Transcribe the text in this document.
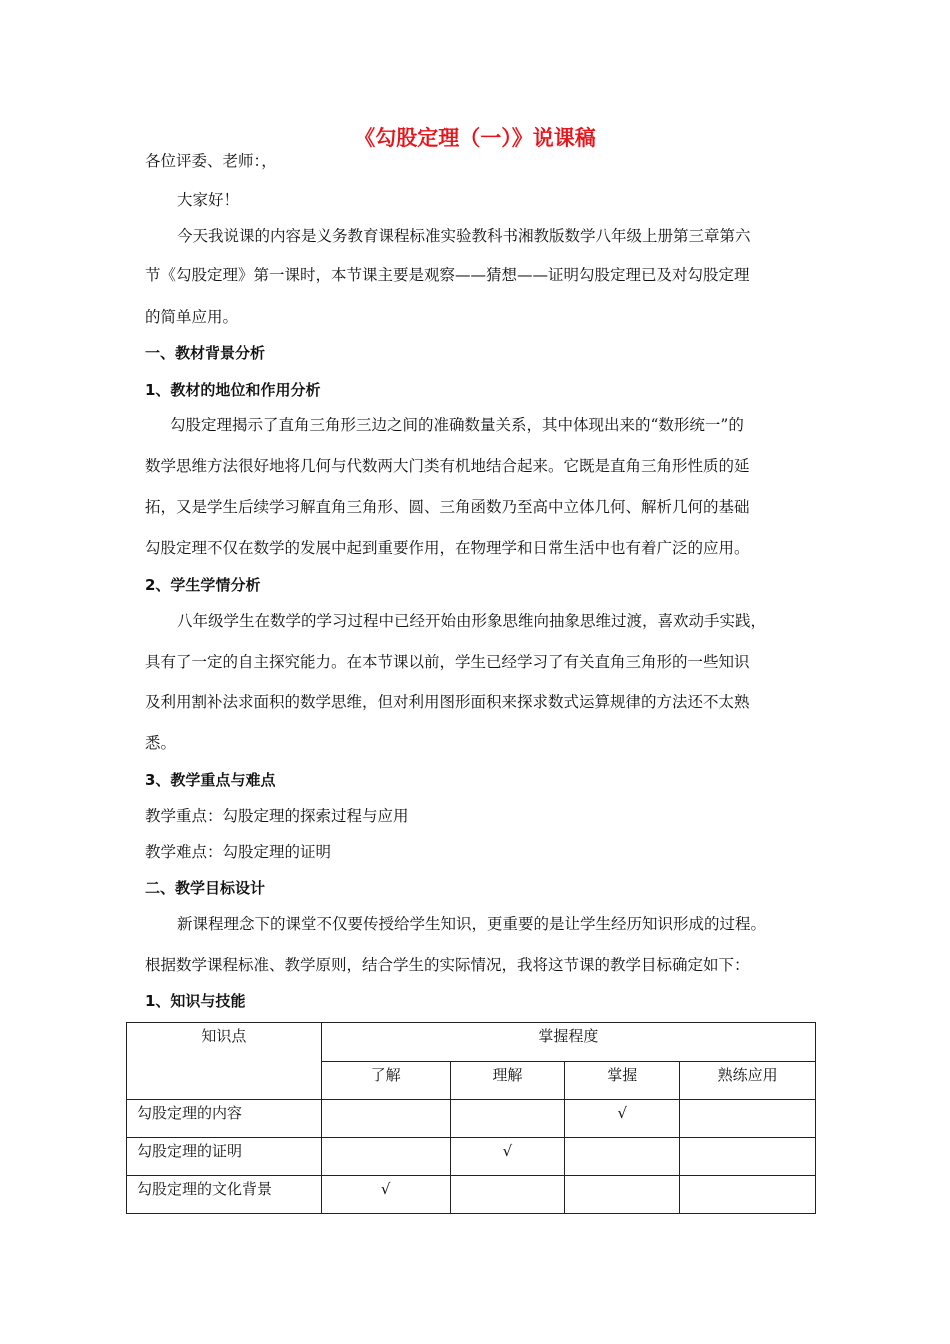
《勾股定理（一）》说课稿
各位评委、老师：，
大家好！
今天我说课的内容是义务教育课程标准实验教科书湘教版数学八年级上册第三章第六
节《勾股定理》第一课时，本节课主要是观察——猜想——证明勾股定理已及对勾股定理
的简单应用。
一、教材背景分析
1、教材的地位和作用分析
勾股定理揭示了直角三角形三边之间的准确数量关系，其中体现出来的“数形统一”的
数学思维方法很好地将几何与代数两大门类有机地结合起来。它既是直角三角形性质的延
拓，又是学生后续学习解直角三角形、圆、三角函数乃至高中立体几何、解析几何的基础
勾股定理不仅在数学的发展中起到重要作用，在物理学和日常生活中也有着广泛的应用。
2、学生学情分析
八年级学生在数学的学习过程中已经开始由形象思维向抽象思维过渡，喜欢动手实践，
具有了一定的自主探究能力。在本节课以前，学生已经学习了有关直角三角形的一些知识
及利用割补法求面积的数学思维，但对利用图形面积来探求数式运算规律的方法还不太熟
悉。
3、教学重点与难点
教学重点：勾股定理的探索过程与应用
教学难点：勾股定理的证明
二、教学目标设计
新课程理念下的课堂不仅要传授给学生知识，更重要的是让学生经历知识形成的过程。
根据数学课程标准、教学原则，结合学生的实际情况，我将这节课的教学目标确定如下：
1、知识与技能
知识点	掌握程度			
	了解	理解	掌握	熟练应用
勾股定理的内容			√	
勾股定理的证明		√		
勾股定理的文化背景	√			
